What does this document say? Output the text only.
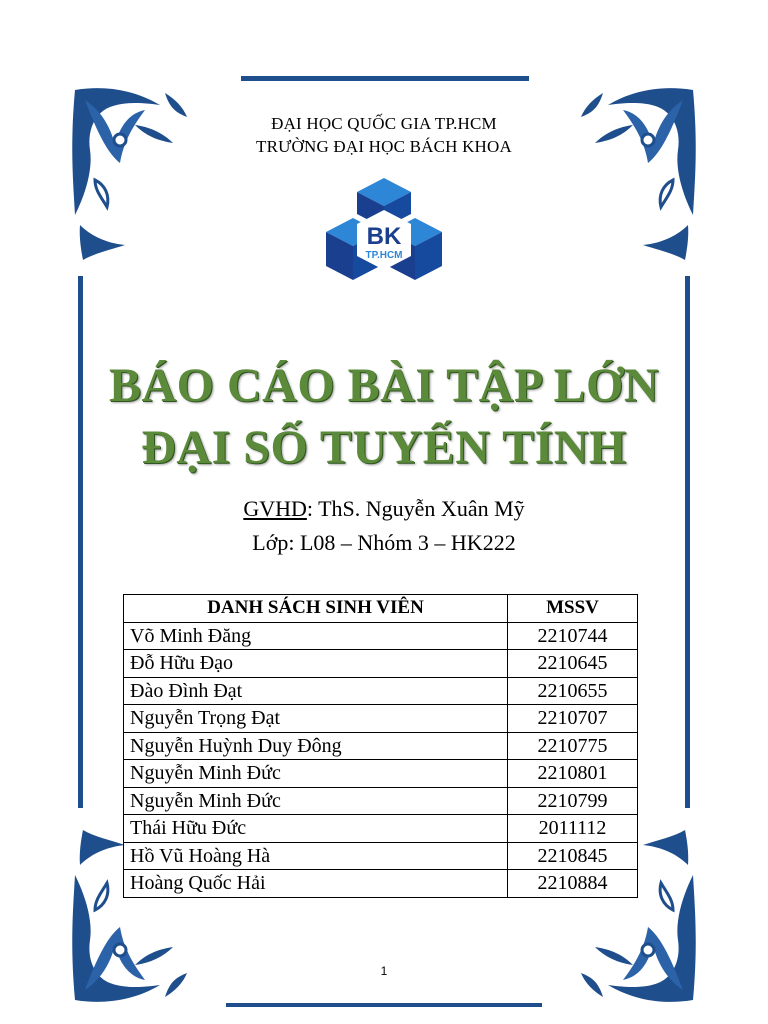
ĐẠI HỌC QUỐC GIA TP.HCM
TRƯỜNG ĐẠI HỌC BÁCH KHOA
BK
TP.HCM
BÁO CÁO BÀI TẬP LỚN
ĐẠI SỐ TUYẾN TÍNH
GVHD: ThS. Nguyễn Xuân Mỹ
Lớp: L08 – Nhóm 3 – HK222
DANH SÁCH SINH VIÊN	MSSV
Võ Minh Đăng	2210744
Đỗ Hữu Đạo	2210645
Đào Đình Đạt	2210655
Nguyễn Trọng Đạt	2210707
Nguyễn Huỳnh Duy Đông	2210775
Nguyễn Minh Đức	2210801
Nguyễn Minh Đức	2210799
Thái Hữu Đức	2011112
Hồ Vũ Hoàng Hà	2210845
Hoàng Quốc Hải	2210884
1
